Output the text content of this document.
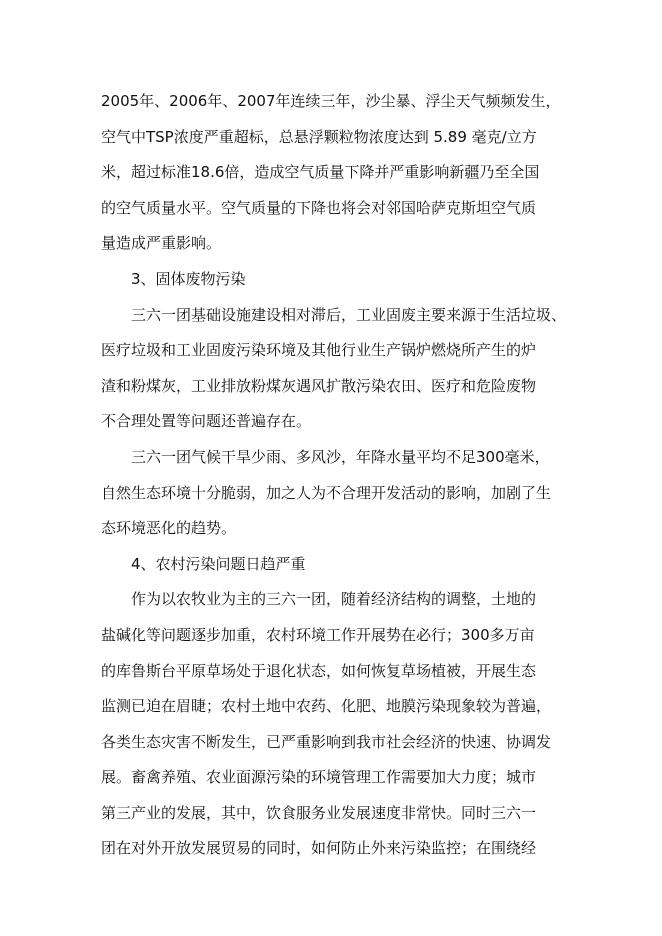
2005年、2006年、2007年连续三年，沙尘暴、浮尘天气频频发生，
空气中TSP浓度严重超标，总悬浮颗粒物浓度达到 5.89 毫克/立方
米，超过标准18.6倍，造成空气质量下降并严重影响新疆乃至全国
的空气质量水平。空气质量的下降也将会对邻国哈萨克斯坦空气质
量造成严重影响。
3、固体废物污染
三六一团基础设施建设相对滞后，工业固废主要来源于生活垃圾、
医疗垃圾和工业固废污染环境及其他行业生产锅炉燃烧所产生的炉
渣和粉煤灰，工业排放粉煤灰遇风扩散污染农田、医疗和危险废物
不合理处置等问题还普遍存在。
三六一团气候干旱少雨、多风沙，年降水量平均不足300毫米，
自然生态环境十分脆弱，加之人为不合理开发活动的影响，加剧了生
态环境恶化的趋势。
4、农村污染问题日趋严重
作为以农牧业为主的三六一团，随着经济结构的调整，土地的
盐碱化等问题逐步加重，农村环境工作开展势在必行；300多万亩
的库鲁斯台平原草场处于退化状态，如何恢复草场植被，开展生态
监测已迫在眉睫；农村土地中农药、化肥、地膜污染现象较为普遍，
各类生态灾害不断发生，已严重影响到我市社会经济的快速、协调发
展。畜禽养殖、农业面源污染的环境管理工作需要加大力度；城市
第三产业的发展，其中，饮食服务业发展速度非常快。同时三六一
团在对外开放发展贸易的同时，如何防止外来污染监控；在围绕经
